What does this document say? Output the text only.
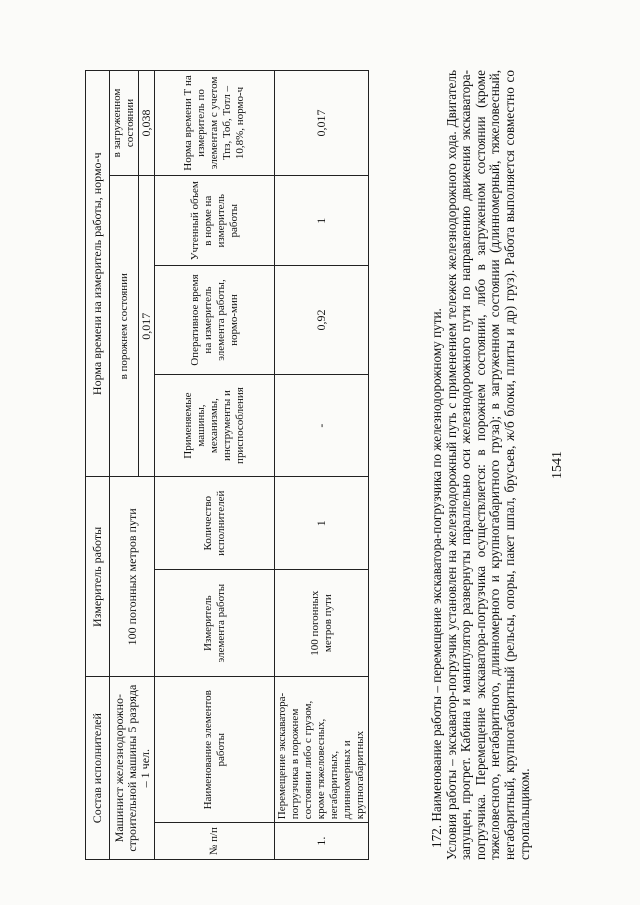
1541

172. Наименование работы – перемещение экскаватора-погрузчика по железнодорожному пути. Условия работы – экскаватор-погрузчик установлен на железнодорожный путь с применением тележек железнодорожного хода. Двигатель запущен, прогрет. Кабина и манипулятор развернуты параллельно оси железнодорожного пути по направлению движения экскаватора-погрузчика. Перемещение экскаватора-погрузчика осуществляется: в порожнем состоянии, либо в загруженном состоянии (кроме тяжеловесного, негабаритного, длинномерного и крупногабаритного груза); в загруженном состоянии (длинномерный, тяжеловесный, негабаритный, крупногабаритный (рельсы, опоры, пакет шпал, брусьев, ж/б блоки, плиты и др) груз). Работа выполняется совместно со стропальщиком.

Состав исполнителей		Измеритель работы		Норма времени на измеритель работы, нормо-ч			
Машинист железнодорожно-строительной машины 5 разряда – 1 чел.		100 погонных метров пути		в порожнем состоянии			в загруженном состоянии
				0,017			0,038
№ п/п	Наименование элементов работы	Измеритель элемента работы	Количество исполнителей	Применяемые машины, механизмы, инструменты и приспособления	Оперативное время на измеритель элемента работы, нормо-мин	Учтенный объем в норме на измеритель работы	Норма времени Т на измеритель по элементам с учетом Тпз, Тоб, Тотл – 10,8%, нормо-ч
1.	Перемещение экскаватора-погрузчика в порожнем состоянии либо с грузом, кроме тяжеловесных, негабаритных, длинномерных и крупногабаритных	100 погонных метров пути	1	-	0,92	1	0,017
